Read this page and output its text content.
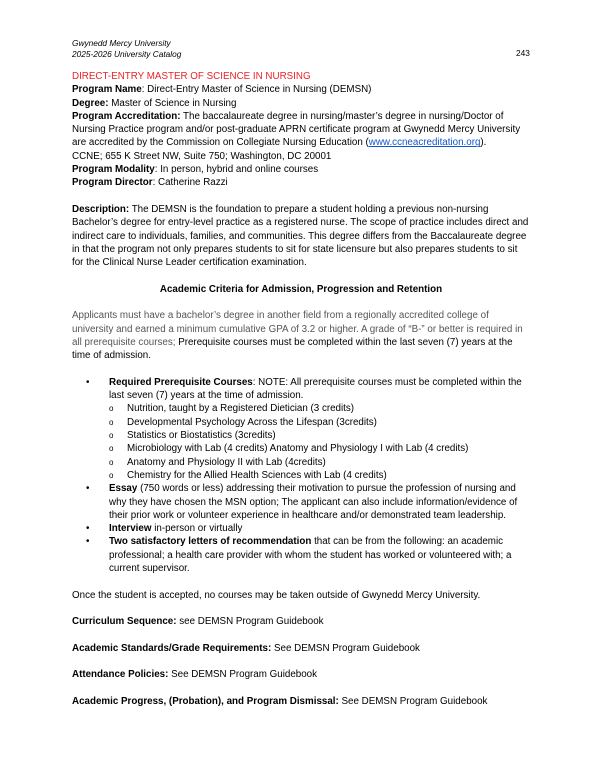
Gwynedd Mercy University
2025-2026 University Catalog	243

DIRECT-ENTRY MASTER OF SCIENCE IN NURSING

Program Name: Direct-Entry Master of Science in Nursing (DEMSN)

Degree: Master of Science in Nursing

Program Accreditation: The baccalaureate degree in nursing/master’s degree in nursing/Doctor of Nursing Practice program and/or post-graduate APRN certificate program at Gwynedd Mercy University are accredited by the Commission on Collegiate Nursing Education (www.ccneacreditation.org).

CCNE; 655 K Street NW, Suite 750; Washington, DC 20001

Program Modality: In person, hybrid and online courses

Program Director: Catherine Razzi

Description: The DEMSN is the foundation to prepare a student holding a previous non-nursing Bachelor’s degree for entry-level practice as a registered nurse. The scope of practice includes direct and indirect care to individuals, families, and communities. This degree differs from the Baccalaureate degree in that the program not only prepares students to sit for state licensure but also prepares students to sit for the Clinical Nurse Leader certification examination.

Academic Criteria for Admission, Progression and Retention

Applicants must have a bachelor’s degree in another field from a regionally accredited college of university and earned a minimum cumulative GPA of 3.2 or higher. A grade of “B-” or better is required in all prerequisite courses; Prerequisite courses must be completed within the last seven (7) years at the time of admission.

• Required Prerequisite Courses: NOTE: All prerequisite courses must be completed within the last seven (7) years at the time of admission.
o Nutrition, taught by a Registered Dietician (3 credits)
o Developmental Psychology Across the Lifespan (3credits)
o Statistics or Biostatistics (3credits)
o Microbiology with Lab (4 credits) Anatomy and Physiology I with Lab (4 credits)
o Anatomy and Physiology II with Lab (4credits)
o Chemistry for the Allied Health Sciences with Lab (4 credits)
• Essay (750 words or less) addressing their motivation to pursue the profession of nursing and why they have chosen the MSN option; The applicant can also include information/evidence of their prior work or volunteer experience in healthcare and/or demonstrated team leadership.
• Interview in-person or virtually
• Two satisfactory letters of recommendation that can be from the following: an academic professional; a health care provider with whom the student has worked or volunteered with; a current supervisor.

Once the student is accepted, no courses may be taken outside of Gwynedd Mercy University.

Curriculum Sequence: see DEMSN Program Guidebook

Academic Standards/Grade Requirements: See DEMSN Program Guidebook

Attendance Policies: See DEMSN Program Guidebook

Academic Progress, (Probation), and Program Dismissal: See DEMSN Program Guidebook
